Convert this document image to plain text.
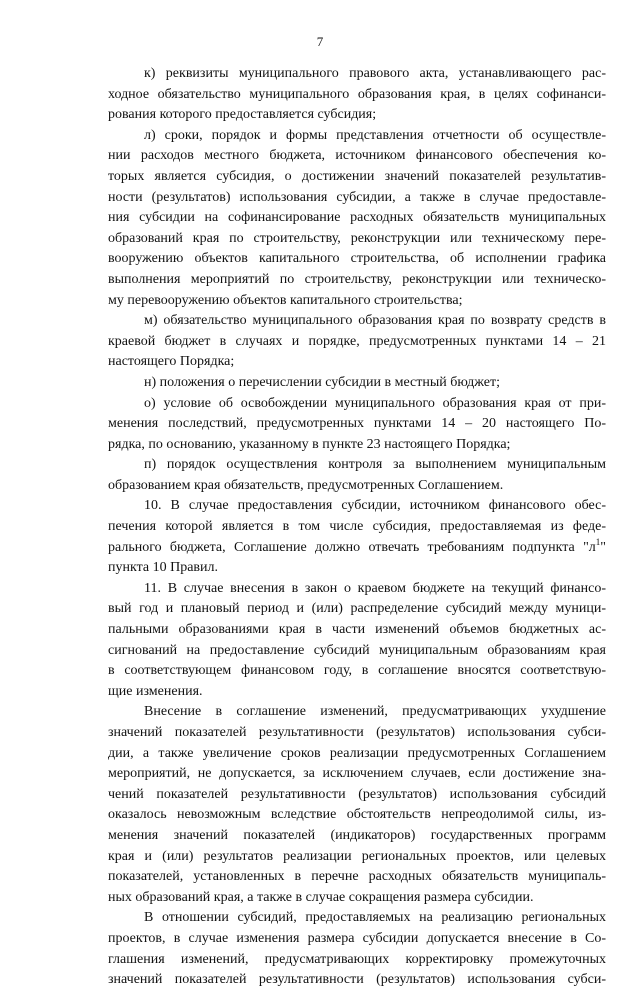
7
к) реквизиты муниципального правового акта, устанавливающего рас-
ходное обязательство муниципального образования края, в целях софинанси-
рования которого предоставляется субсидия;
л) сроки, порядок и формы представления отчетности об осуществле-
нии расходов местного бюджета, источником финансового обеспечения ко-
торых является субсидия, о достижении значений показателей результатив-
ности (результатов) использования субсидии, а также в случае предоставле-
ния субсидии на софинансирование расходных обязательств муниципальных
образований края по строительству, реконструкции или техническому пере-
вооружению объектов капитального строительства, об исполнении графика
выполнения мероприятий по строительству, реконструкции или техническо-
му перевооружению объектов капитального строительства;
м) обязательство муниципального образования края по возврату средств в
краевой бюджет в случаях и порядке, предусмотренных пунктами 14 – 21
настоящего Порядка;
н) положения о перечислении субсидии в местный бюджет;
о) условие об освобождении муниципального образования края от при-
менения последствий, предусмотренных пунктами 14 – 20 настоящего По-
рядка, по основанию, указанному в пункте 23 настоящего Порядка;
п) порядок осуществления контроля за выполнением муниципальным
образованием края обязательств, предусмотренных Соглашением.
10. В случае предоставления субсидии, источником финансового обес-
печения которой является в том числе субсидия, предоставляемая из феде-
рального бюджета, Соглашение должно отвечать требованиям подпункта "$л^1$"
пункта 10 Правил.
11. В случае внесения в закон о краевом бюджете на текущий финансо-
вый год и плановый период и (или) распределение субсидий между муници-
пальными образованиями края в части изменений объемов бюджетных ас-
сигнований на предоставление субсидий муниципальным образованиям края
в соответствующем финансовом году, в соглашение вносятся соответствую-
щие изменения.
Внесение в соглашение изменений, предусматривающих ухудшение
значений показателей результативности (результатов) использования субси-
дии, а также увеличение сроков реализации предусмотренных Соглашением
мероприятий, не допускается, за исключением случаев, если достижение зна-
чений показателей результативности (результатов) использования субсидий
оказалось невозможным вследствие обстоятельств непреодолимой силы, из-
менения значений показателей (индикаторов) государственных программ
края и (или) результатов реализации региональных проектов, или целевых
показателей, установленных в перечне расходных обязательств муниципаль-
ных образований края, а также в случае сокращения размера субсидии.
В отношении субсидий, предоставляемых на реализацию региональных
проектов, в случае изменения размера субсидии допускается внесение в Со-
глашения изменений, предусматривающих корректировку промежуточных
значений показателей результативности (результатов) использования субси-
